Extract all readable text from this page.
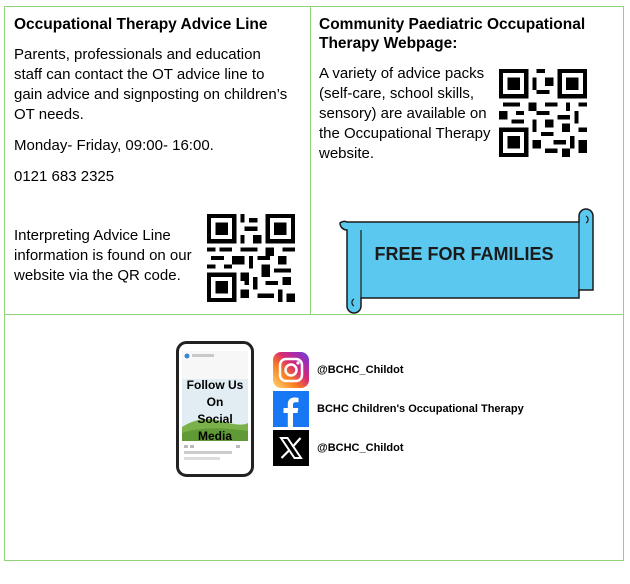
Occupational Therapy Advice Line

Parents, professionals and education staff can contact the OT advice line to gain advice and signposting on children’s OT needs.

Monday- Friday, 09:00- 16:00.

0121 683 2325

Interpreting Advice Line information is found on our website via the QR code.

Community Paediatric Occupational Therapy Webpage:

A variety of advice packs (self-care, school skills, sensory) are available on the Occupational Therapy website.

FREE FOR FAMILIES
Follow Us
On
Social
Media
@BCHC_Childot
BCHC Children's Occupational Therapy
@BCHC_Childot
